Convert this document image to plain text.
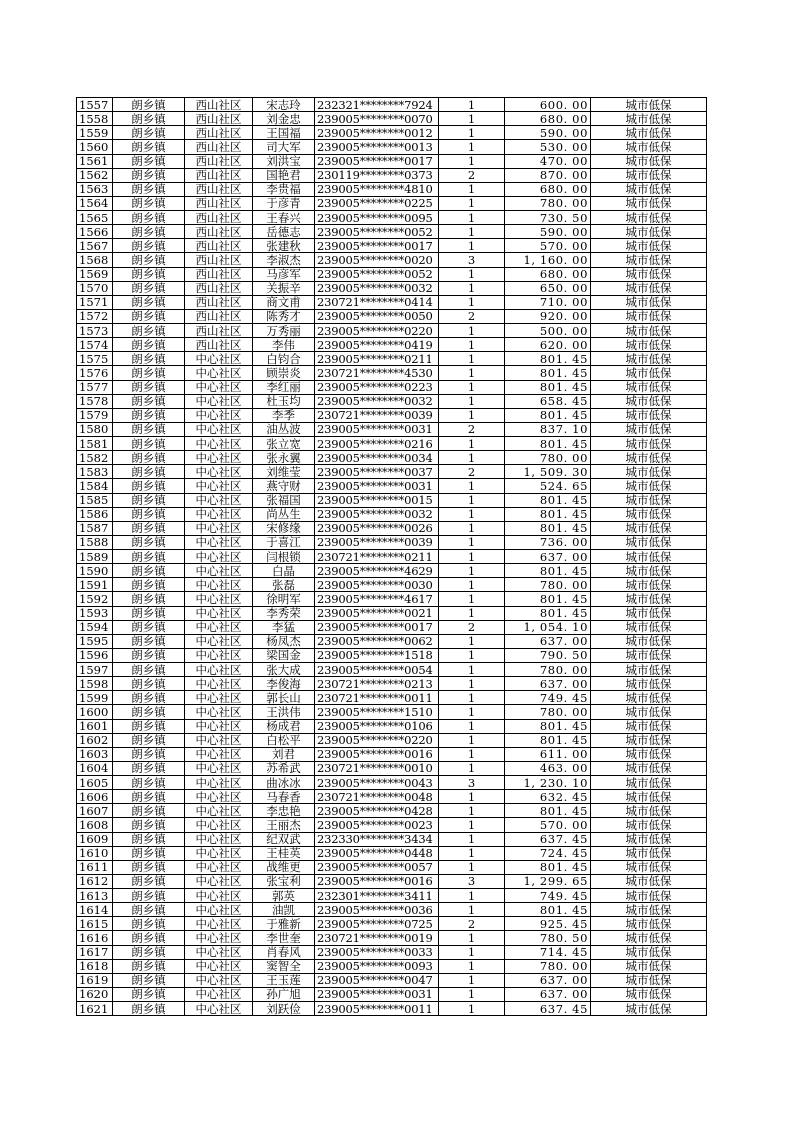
1557	朗乡镇	西山社区	宋志玲	232321********7924	1	600. 00	城市低保
1558	朗乡镇	西山社区	刘金忠	239005********0070	1	680. 00	城市低保
1559	朗乡镇	西山社区	王国福	239005********0012	1	590. 00	城市低保
1560	朗乡镇	西山社区	司大军	239005********0013	1	530. 00	城市低保
1561	朗乡镇	西山社区	刘洪宝	239005********0017	1	470. 00	城市低保
1562	朗乡镇	西山社区	国艳君	230119********0373	2	870. 00	城市低保
1563	朗乡镇	西山社区	李贵福	239005********4810	1	680. 00	城市低保
1564	朗乡镇	西山社区	于彦青	239005********0225	1	780. 00	城市低保
1565	朗乡镇	西山社区	王春兴	239005********0095	1	730. 50	城市低保
1566	朗乡镇	西山社区	岳德志	239005********0052	1	590. 00	城市低保
1567	朗乡镇	西山社区	张建秋	239005********0017	1	570. 00	城市低保
1568	朗乡镇	西山社区	李淑杰	239005********0020	3	1, 160. 00	城市低保
1569	朗乡镇	西山社区	马彦军	239005********0052	1	680. 00	城市低保
1570	朗乡镇	西山社区	关振辛	239005********0032	1	650. 00	城市低保
1571	朗乡镇	西山社区	商文甫	230721********0414	1	710. 00	城市低保
1572	朗乡镇	西山社区	陈秀才	239005********0050	2	920. 00	城市低保
1573	朗乡镇	西山社区	万秀丽	239005********0220	1	500. 00	城市低保
1574	朗乡镇	西山社区	李伟	239005********0419	1	620. 00	城市低保
1575	朗乡镇	中心社区	白钧合	239005********0211	1	801. 45	城市低保
1576	朗乡镇	中心社区	顾崇炎	230721********4530	1	801. 45	城市低保
1577	朗乡镇	中心社区	李红丽	239005********0223	1	801. 45	城市低保
1578	朗乡镇	中心社区	杜玉均	239005********0032	1	658. 45	城市低保
1579	朗乡镇	中心社区	李季	230721********0039	1	801. 45	城市低保
1580	朗乡镇	中心社区	油丛波	239005********0031	2	837. 10	城市低保
1581	朗乡镇	中心社区	张立宽	239005********0216	1	801. 45	城市低保
1582	朗乡镇	中心社区	张永翼	239005********0034	1	780. 00	城市低保
1583	朗乡镇	中心社区	刘维莹	239005********0037	2	1, 509. 30	城市低保
1584	朗乡镇	中心社区	燕守财	239005********0031	1	524. 65	城市低保
1585	朗乡镇	中心社区	张福国	239005********0015	1	801. 45	城市低保
1586	朗乡镇	中心社区	尚丛生	239005********0032	1	801. 45	城市低保
1587	朗乡镇	中心社区	宋修缘	239005********0026	1	801. 45	城市低保
1588	朗乡镇	中心社区	于喜江	239005********0039	1	736. 00	城市低保
1589	朗乡镇	中心社区	闫根锁	230721********0211	1	637. 00	城市低保
1590	朗乡镇	中心社区	白晶	239005********4629	1	801. 45	城市低保
1591	朗乡镇	中心社区	张磊	239005********0030	1	780. 00	城市低保
1592	朗乡镇	中心社区	徐明军	239005********4617	1	801. 45	城市低保
1593	朗乡镇	中心社区	李秀荣	239005********0021	1	801. 45	城市低保
1594	朗乡镇	中心社区	李猛	239005********0017	2	1, 054. 10	城市低保
1595	朗乡镇	中心社区	杨凤杰	239005********0062	1	637. 00	城市低保
1596	朗乡镇	中心社区	梁国金	239005********1518	1	790. 50	城市低保
1597	朗乡镇	中心社区	张大成	239005********0054	1	780. 00	城市低保
1598	朗乡镇	中心社区	李俊海	230721********0213	1	637. 00	城市低保
1599	朗乡镇	中心社区	郭长山	230721********0011	1	749. 45	城市低保
1600	朗乡镇	中心社区	王洪伟	239005********1510	1	780. 00	城市低保
1601	朗乡镇	中心社区	杨成君	239005********0106	1	801. 45	城市低保
1602	朗乡镇	中心社区	白松平	239005********0220	1	801. 45	城市低保
1603	朗乡镇	中心社区	刘君	239005********0016	1	611. 00	城市低保
1604	朗乡镇	中心社区	苏希武	230721********0010	1	463. 00	城市低保
1605	朗乡镇	中心社区	曲冰冰	239005********0043	3	1, 230. 10	城市低保
1606	朗乡镇	中心社区	马春香	230721********0048	1	632. 45	城市低保
1607	朗乡镇	中心社区	李忠艳	239005********0428	1	801. 45	城市低保
1608	朗乡镇	中心社区	王丽杰	239005********0023	1	570. 00	城市低保
1609	朗乡镇	中心社区	纪双武	232330********3434	1	637. 45	城市低保
1610	朗乡镇	中心社区	王桂英	239005********0448	1	724. 45	城市低保
1611	朗乡镇	中心社区	战维更	239005********0057	1	801. 45	城市低保
1612	朗乡镇	中心社区	张宝利	239005********0016	3	1, 299. 65	城市低保
1613	朗乡镇	中心社区	郭英	232301********3411	1	749. 45	城市低保
1614	朗乡镇	中心社区	油凯	239005********0036	1	801. 45	城市低保
1615	朗乡镇	中心社区	于雅新	239005********0725	2	925. 45	城市低保
1616	朗乡镇	中心社区	李世奎	230721********0019	1	780. 50	城市低保
1617	朗乡镇	中心社区	肖春风	239005********0033	1	714. 45	城市低保
1618	朗乡镇	中心社区	窦智全	239005********0093	1	780. 00	城市低保
1619	朗乡镇	中心社区	王玉莲	239005********0047	1	637. 00	城市低保
1620	朗乡镇	中心社区	孙广旭	239005********0031	1	637. 00	城市低保
1621	朗乡镇	中心社区	刘跃俭	239005********0011	1	637. 45	城市低保
